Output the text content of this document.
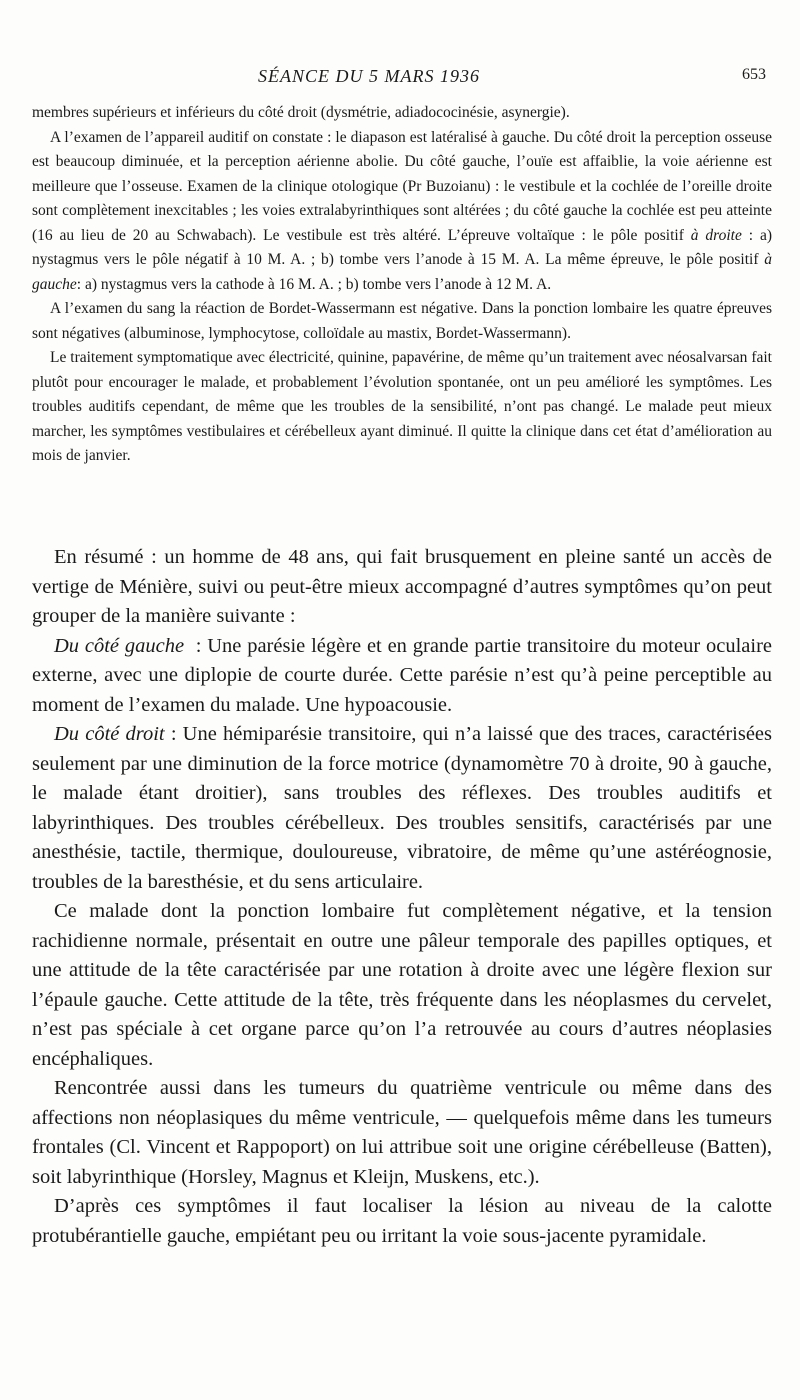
SÉANCE DU 5 MARS 1936	653

membres supérieurs et inférieurs du côté droit (dysmétrie, adiadococinésie, asynergie).

A l’examen de l’appareil auditif on constate : le diapason est latéralisé à gauche. Du côté droit la perception osseuse est beaucoup diminuée, et la perception aérienne abolie. Du côté gauche, l’ouïe est affaiblie, la voie aérienne est meilleure que l’osseuse. Examen de la clinique otologique (Pr Buzoianu) : le vestibule et la cochlée de l’oreille droite sont complètement inexcitables ; les voies extralabyrinthiques sont altérées ; du côté gauche la cochlée est peu atteinte (16 au lieu de 20 au Schwabach). Le vestibule est très altéré. L’épreuve voltaïque : le pôle positif à droite : a) nystagmus vers le pôle négatif à 10 M. A. ; b) tombe vers l’anode à 15 M. A. La même épreuve, le pôle positif à gauche: a) nystagmus vers la cathode à 16 M. A. ; b) tombe vers l’anode à 12 M. A.

A l’examen du sang la réaction de Bordet-Wassermann est négative. Dans la ponction lombaire les quatre épreuves sont négatives (albuminose, lymphocytose, colloïdale au mastix, Bordet-Wassermann).

Le traitement symptomatique avec électricité, quinine, papavérine, de même qu’un traitement avec néosalvarsan fait plutôt pour encourager le malade, et probablement l’évolution spontanée, ont un peu amélioré les symptômes. Les troubles auditifs cependant, de même que les troubles de la sensibilité, n’ont pas changé. Le malade peut mieux marcher, les symptômes vestibulaires et cérébelleux ayant diminué. Il quitte la clinique dans cet état d’amélioration au mois de janvier.

En résumé : un homme de 48 ans, qui fait brusquement en pleine santé un accès de vertige de Ménière, suivi ou peut-être mieux accompagné d’autres symptômes qu’on peut grouper de la manière suivante :

Du côté gauche : Une parésie légère et en grande partie transitoire du moteur oculaire externe, avec une diplopie de courte durée. Cette parésie n’est qu’à peine perceptible au moment de l’examen du malade. Une hypoacousie.

Du côté droit : Une hémiparésie transitoire, qui n’a laissé que des traces, caractérisées seulement par une diminution de la force motrice (dynamomètre 70 à droite, 90 à gauche, le malade étant droitier), sans troubles des réflexes. Des troubles auditifs et labyrinthiques. Des troubles cérébelleux. Des troubles sensitifs, caractérisés par une anesthésie, tactile, thermique, douloureuse, vibratoire, de même qu’une astéréognosie, troubles de la baresthésie, et du sens articulaire.

Ce malade dont la ponction lombaire fut complètement négative, et la tension rachidienne normale, présentait en outre une pâleur temporale des papilles optiques, et une attitude de la tête caractérisée par une rotation à droite avec une légère flexion sur l’épaule gauche. Cette attitude de la tête, très fréquente dans les néoplasmes du cervelet, n’est pas spéciale à cet organe parce qu’on l’a retrouvée au cours d’autres néoplasies encéphaliques.

Rencontrée aussi dans les tumeurs du quatrième ventricule ou même dans des affections non néoplasiques du même ventricule, — quelquefois même dans les tumeurs frontales (Cl. Vincent et Rappoport) on lui attribue soit une origine cérébelleuse (Batten), soit labyrinthique (Horsley, Magnus et Kleijn, Muskens, etc.).

D’après ces symptômes il faut localiser la lésion au niveau de la calotte protubérantielle gauche, empiétant peu ou irritant la voie sous-jacente pyramidale.
